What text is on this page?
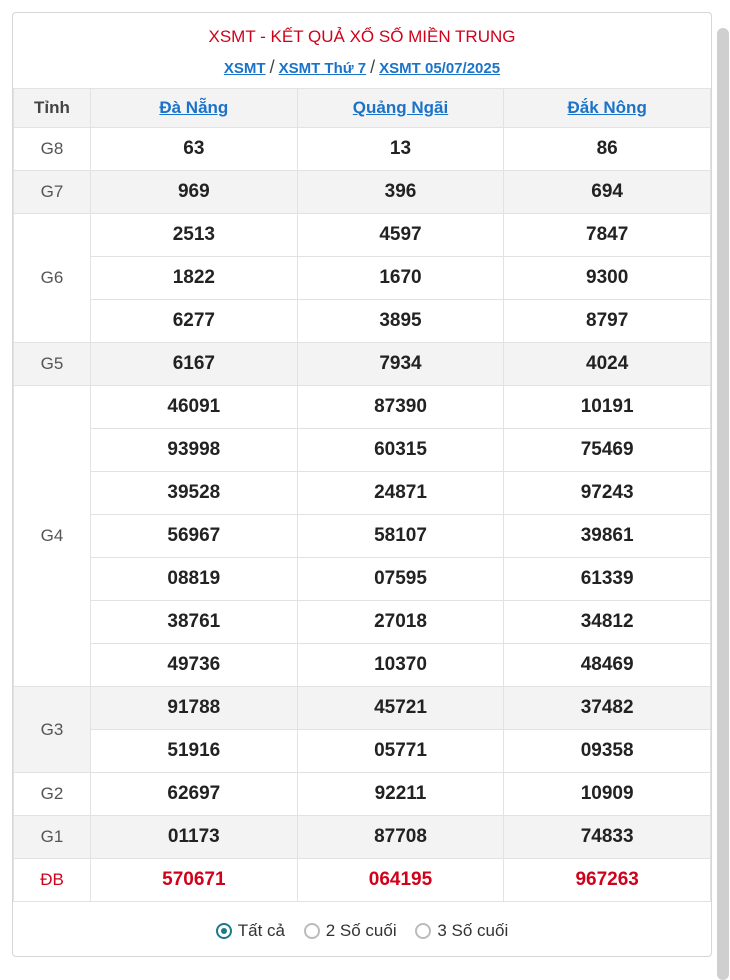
XSMT - KẾT QUẢ XỔ SỐ MIỀN TRUNG
XSMT / XSMT Thứ 7 / XSMT 05/07/2025
Tỉnh	Đà Nẵng	Quảng Ngãi	Đắk Nông
G8	63	13	86
G7	969	396	694
G6	2513	4597	7847
	1822	1670	9300
	6277	3895	8797
G5	6167	7934	4024
G4	46091	87390	10191
	93998	60315	75469
	39528	24871	97243
	56967	58107	39861
	08819	07595	61339
	38761	27018	34812
	49736	10370	48469
G3	91788	45721	37482
	51916	05771	09358
G2	62697	92211	10909
G1	01173	87708	74833
ĐB	570671	064195	967263
Tất cả 2 Số cuối 3 Số cuối
